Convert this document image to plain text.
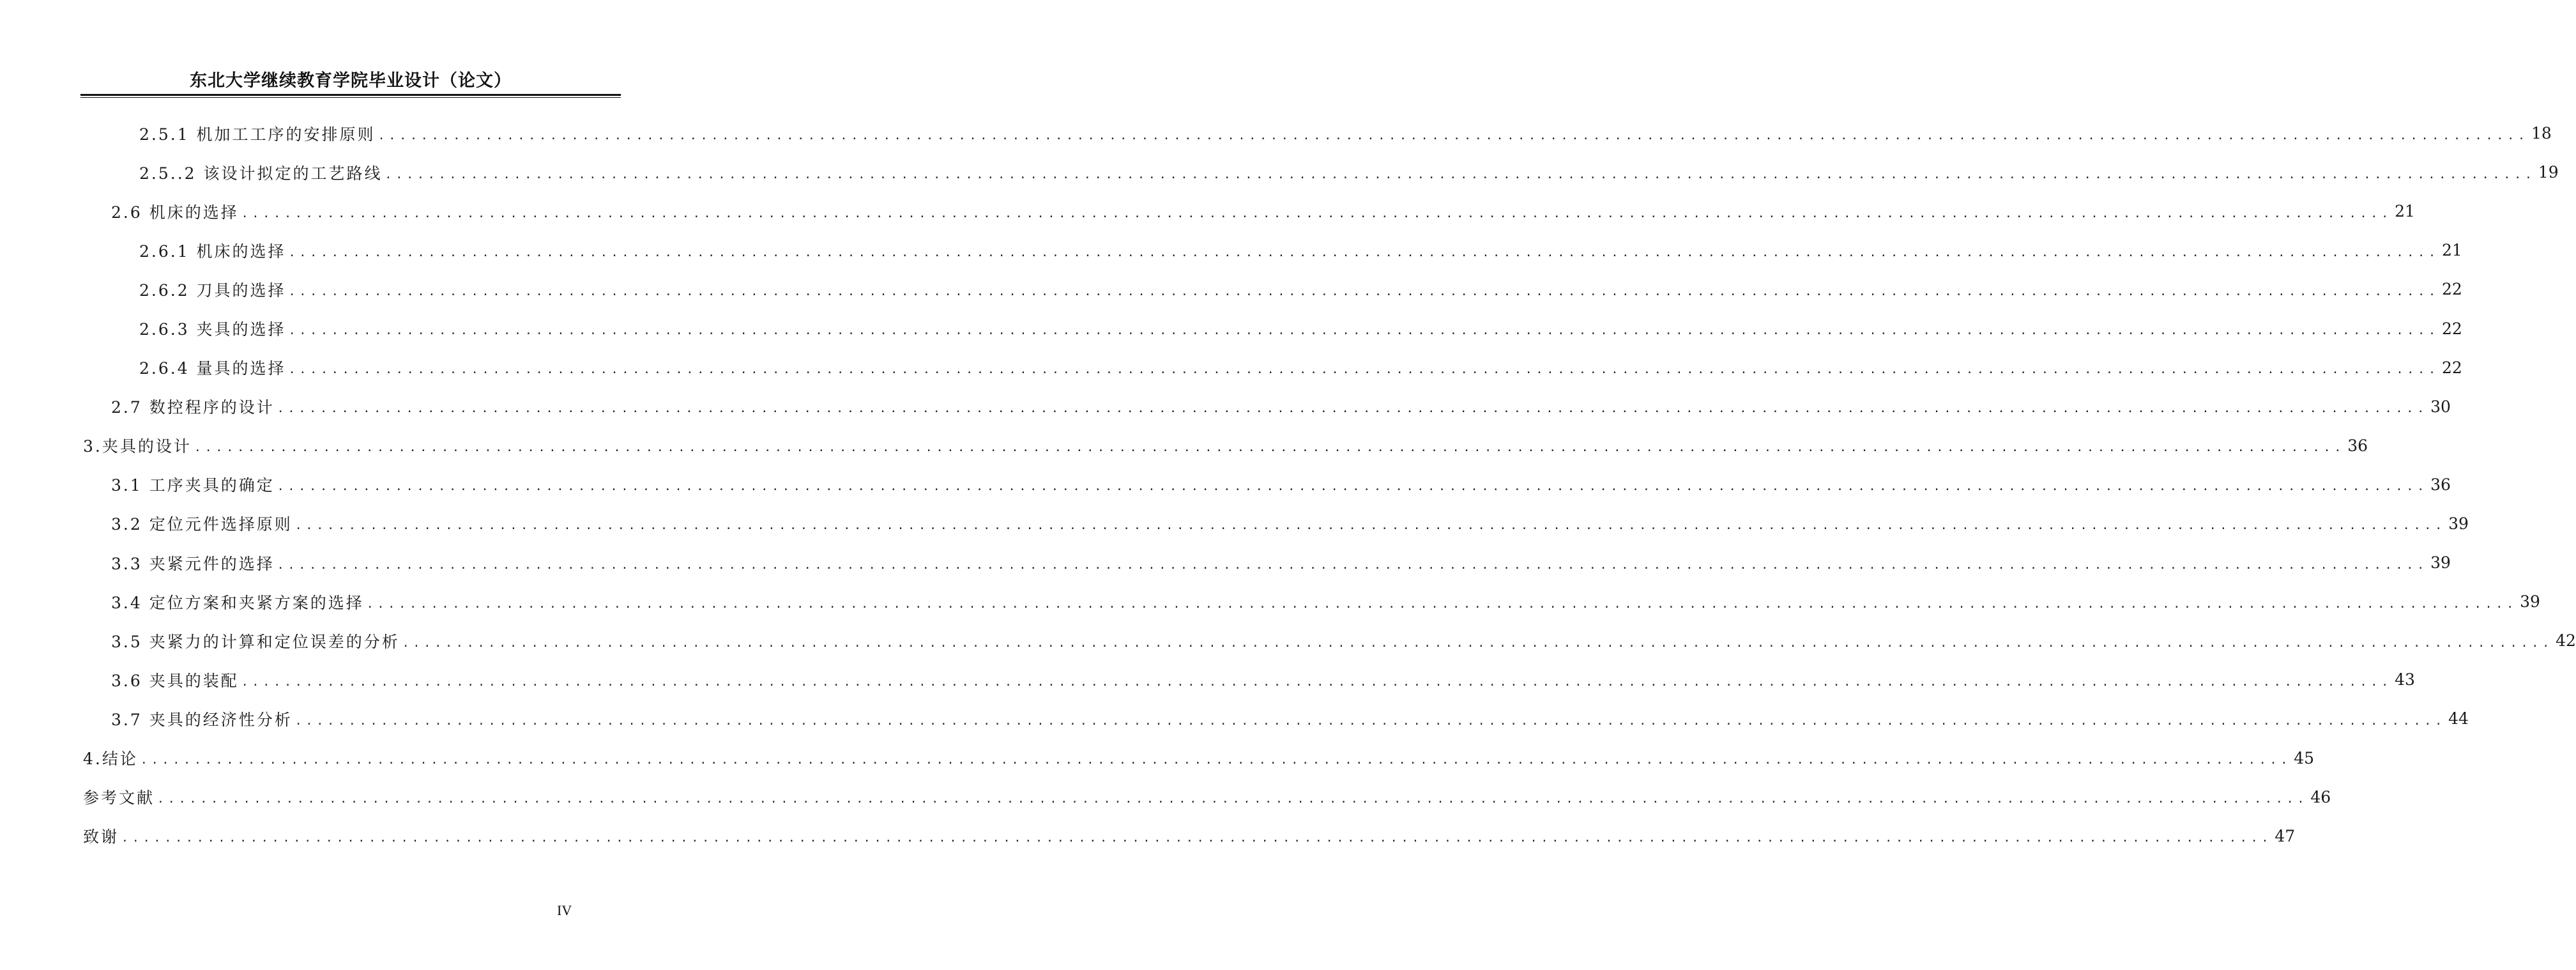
东北大学继续教育学院毕业设计（论文）
2.5.1 机加工工序的安排原则 ........................................................................................................................................................................................................ 18
2.5..2 该设计拟定的工艺路线 ........................................................................................................................................................................................................ 19
2.6 机床的选择 ........................................................................................................................................................................................................ 21
2.6.1 机床的选择 ........................................................................................................................................................................................................ 21
2.6.2 刀具的选择 ........................................................................................................................................................................................................ 22
2.6.3 夹具的选择 ........................................................................................................................................................................................................ 22
2.6.4 量具的选择 ........................................................................................................................................................................................................ 22
2.7 数控程序的设计 ........................................................................................................................................................................................................ 30
3.夹具的设计 ........................................................................................................................................................................................................ 36
3.1 工序夹具的确定 ........................................................................................................................................................................................................ 36
3.2 定位元件选择原则 ........................................................................................................................................................................................................ 39
3.3 夹紧元件的选择 ........................................................................................................................................................................................................ 39
3.4 定位方案和夹紧方案的选择 ........................................................................................................................................................................................................ 39
3.5 夹紧力的计算和定位误差的分析 ........................................................................................................................................................................................................ 42
3.6 夹具的装配 ........................................................................................................................................................................................................ 43
3.7 夹具的经济性分析 ........................................................................................................................................................................................................ 44
4.结论 ........................................................................................................................................................................................................ 45
参考文献 ........................................................................................................................................................................................................ 46
致谢 ........................................................................................................................................................................................................ 47
IV
